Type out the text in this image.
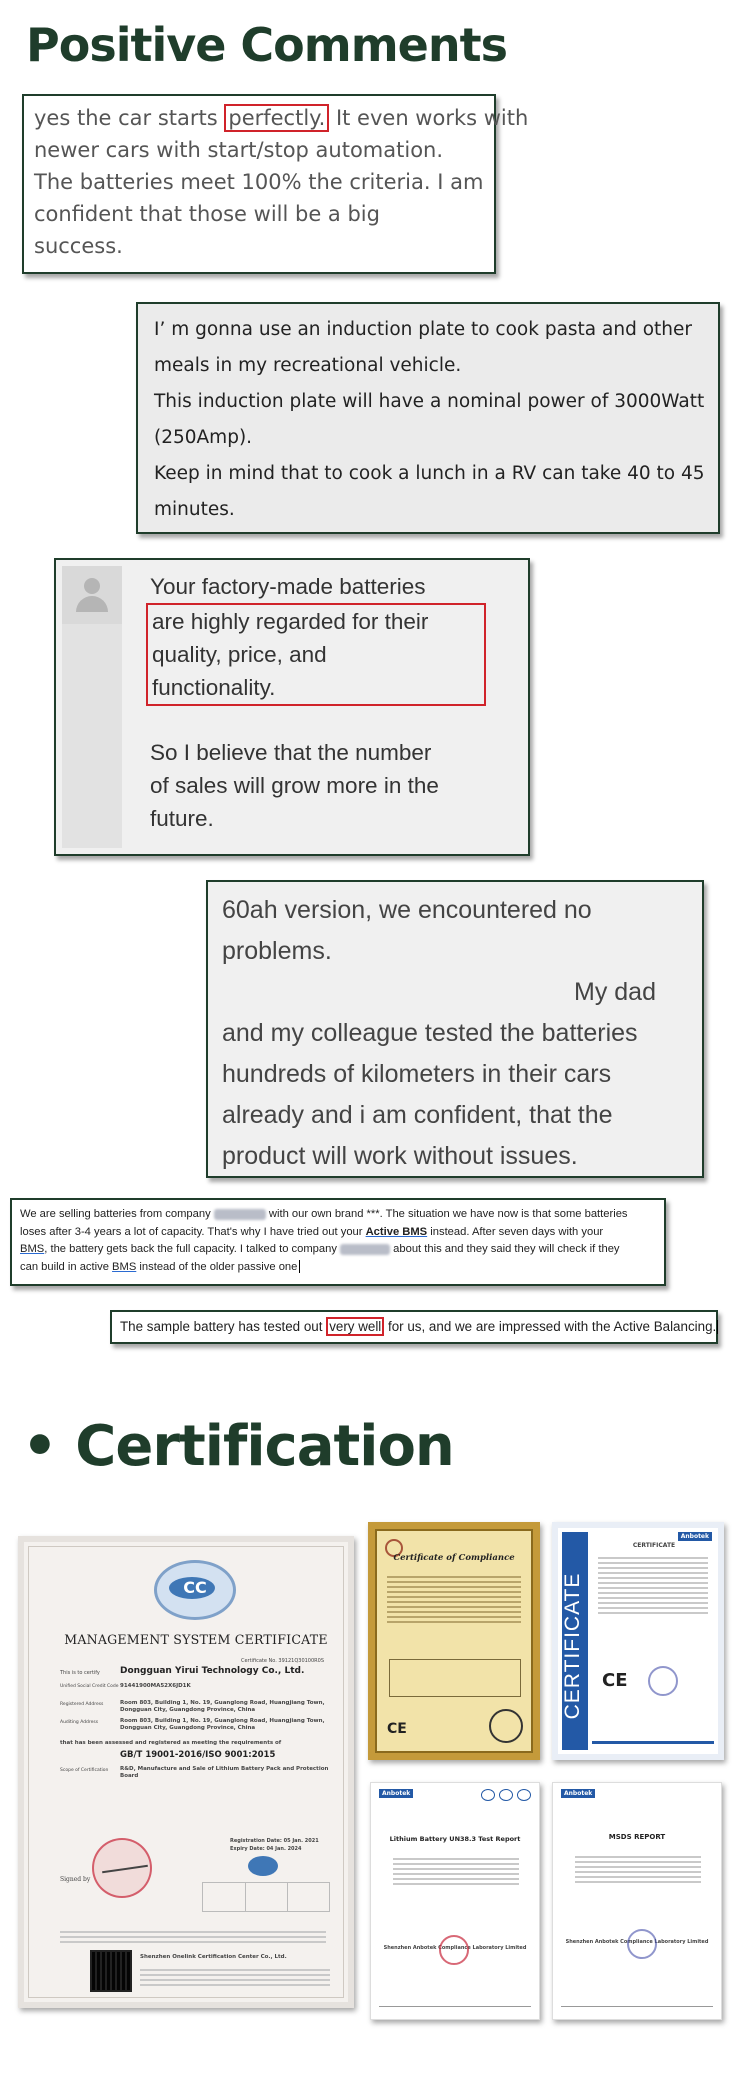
Positive Comments
yes the car starts perfectly. It even works with
newer cars with start/stop automation.
The batteries meet 100% the criteria. I am
confident that those will be a big
success.
I’ m gonna use an induction plate to cook pasta and other
meals in my recreational vehicle.
This induction plate will have a nominal power of 3000Watt
(250Amp).
Keep in mind that to cook a lunch in a RV can take 40 to 45
minutes.
Your factory-made batteries
are highly regarded for their
quality, price, and
functionality.
So I believe that the number
of sales will grow more in the
future.
60ah version, we encountered no
problems.
My dad
and my colleague tested the batteries
hundreds of kilometers in their cars
already and i am confident, that the
product will work without issues.
We are selling batteries from company	with our own brand ***. The situation we have now is that some batteries
loses after 3-4 years a lot of capacity. That's why I have tried out your Active BMS instead. After seven days with your
BMS, the battery gets back the full capacity. I talked to company	about this and they said they will check if they
can build in active BMS instead of the older passive one
The sample battery has tested out very well for us, and we are impressed with the Active Balancing.
• Certification
CC
MANAGEMENT SYSTEM CERTIFICATE
Certificate No. 39121Q30100R0S
This is to certify Dongguan Yirui Technology Co., Ltd.
Unified Social Credit Code 91441900MA52X6JD1K
Registered Address	Room 803, Building 1, No. 19, Guanglong Road, Huangjiang Town, Dongguan City, Guangdong Province, China
Auditing Address	Room 803, Building 1, No. 19, Guanglong Road, Huangjiang Town, Dongguan City, Guangdong Province, China
that has been assessed and registered as meeting the requirements of
GB/T 19001-2016/ISO 9001:2015
Scope of Certification R&D, Manufacture and Sale of Lithium Battery Pack and Protection Board
Registration Date: 05 Jan. 2021
Expiry Date: 04 Jan. 2024
Signed by
Shenzhen Onelink Certification Center Co., Ltd.
Certificate of Compliance
CE
CERTIFICATE
Anbotek
CERTIFICATE
CE
Anbotek
Lithium Battery UN38.3 Test Report
Shenzhen Anbotek Compliance Laboratory Limited
Anbotek
MSDS REPORT
Shenzhen Anbotek Compliance Laboratory Limited
